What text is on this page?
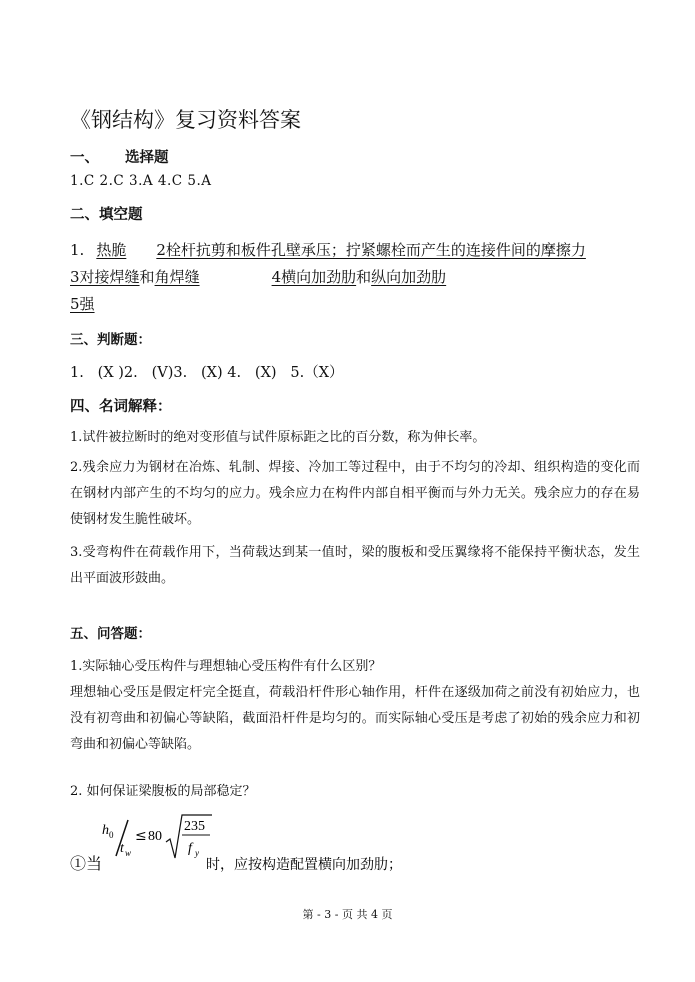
《钢结构》复习资料答案
一、 选择题
1.C 2.C 3.A 4.C 5.A
二、填空题
1. 热脆 2栓杆抗剪和板件孔壁承压；拧紧螺栓而产生的连接件间的摩擦力
3对接焊缝和角焊缝	4横向加劲肋和纵向加劲肋
5强
三、判断题：
1.   (X )2.   (V)3.   (X) 4.   (X)   5.（X）
四、名词解释：
1.试件被拉断时的绝对变形值与试件原标距之比的百分数，称为伸长率。
2.残余应力为钢材在冶炼、轧制、焊接、冷加工等过程中，由于不均匀的冷却、组织构造的变化而在钢材内部产生的不均匀的应力。残余应力在构件内部自相平衡而与外力无关。残余应力的存在易使钢材发生脆性破坏。
3.受弯构件在荷载作用下，当荷载达到某一值时，梁的腹板和受压翼缘将不能保持平衡状态，发生出平面波形鼓曲。
五、问答题：
1.实际轴心受压构件与理想轴心受压构件有什么区别？
理想轴心受压是假定杆完全挺直，荷载沿杆件形心轴作用，杆件在逐级加荷之前没有初始应力，也没有初弯曲和初偏心等缺陷，截面沿杆件是均匀的。而实际轴心受压是考虑了初始的残余应力和初弯曲和初偏心等缺陷。
2. 如何保证梁腹板的局部稳定？
①当
h 0
t w
≤ 80
235
f y
时，应按构造配置横向加劲肋；
第 - 3 - 页 共 4 页
